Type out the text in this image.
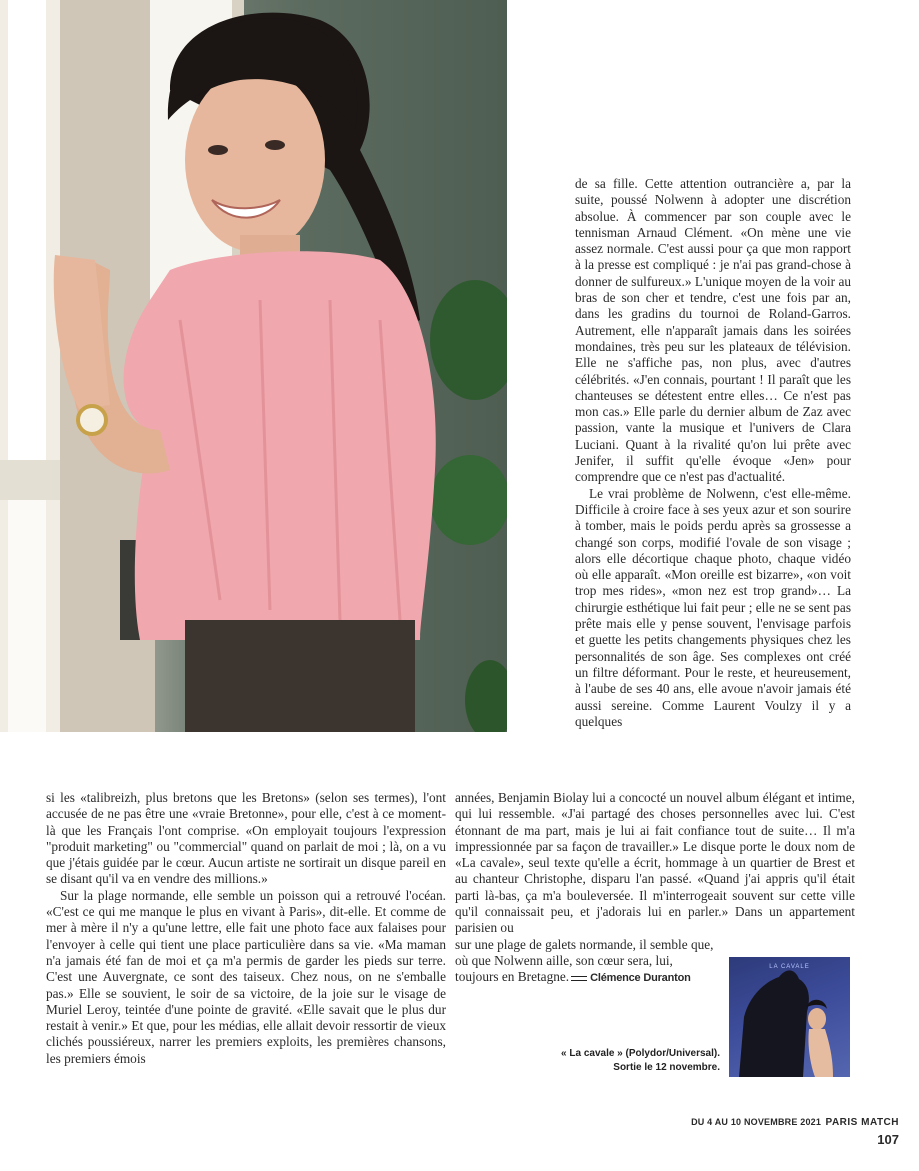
de sa fille. Cette attention outrancière a, par la suite, poussé Nolwenn à adopter une discrétion absolue. À commencer par son couple avec le tennisman Arnaud Clément. «On mène une vie assez normale. C'est aussi pour ça que mon rapport à la presse est compliqué : je n'ai pas grand-chose à donner de sulfureux.» L'unique moyen de la voir au bras de son cher et tendre, c'est une fois par an, dans les gradins du tournoi de Roland-Garros. Autrement, elle n'apparaît jamais dans les soirées mondaines, très peu sur les plateaux de télévision. Elle ne s'affiche pas, non plus, avec d'autres célébrités. «J'en connais, pourtant ! Il paraît que les chanteuses se détestent entre elles… Ce n'est pas mon cas.» Elle parle du dernier album de Zaz avec passion, vante la musique et l'univers de Clara Luciani. Quant à la rivalité qu'on lui prête avec Jenifer, il suffit qu'elle évoque «Jen» pour comprendre que ce n'est pas d'actualité.

Le vrai problème de Nolwenn, c'est elle-même. Difficile à croire face à ses yeux azur et son sourire à tomber, mais le poids perdu après sa grossesse a changé son corps, modifié l'ovale de son visage ; alors elle décortique chaque photo, chaque vidéo où elle apparaît. «Mon oreille est bizarre», «on voit trop mes rides», «mon nez est trop grand»… La chirurgie esthétique lui fait peur ; elle ne se sent pas prête mais elle y pense souvent, l'envisage parfois et guette les petits changements physiques chez les personnalités de son âge. Ses complexes ont créé un filtre déformant. Pour le reste, et heureusement, à l'aube de ses 40 ans, elle avoue n'avoir jamais été aussi sereine. Comme Laurent Voulzy il y a quelques

si les «talibreizh, plus bretons que les Bretons» (selon ses termes), l'ont accusée de ne pas être une «vraie Bretonne», pour elle, c'est à ce moment-là que les Français l'ont comprise. «On employait toujours l'expression "produit marketing" ou "commercial" quand on parlait de moi ; là, on a vu que j'étais guidée par le cœur. Aucun artiste ne sortirait un disque pareil en se disant qu'il va en vendre des millions.»

Sur la plage normande, elle semble un poisson qui a retrouvé l'océan. «C'est ce qui me manque le plus en vivant à Paris», dit-elle. Et comme de mer à mère il n'y a qu'une lettre, elle fait une photo face aux falaises pour l'envoyer à celle qui tient une place particulière dans sa vie. «Ma maman n'a jamais été fan de moi et ça m'a permis de garder les pieds sur terre. C'est une Auvergnate, ce sont des taiseux. Chez nous, on ne s'emballe pas.» Elle se souvient, le soir de sa victoire, de la joie sur le visage de Muriel Leroy, teintée d'une pointe de gravité. «Elle savait que le plus dur restait à venir.» Et que, pour les médias, elle allait devoir ressortir de vieux clichés poussiéreux, narrer les premiers exploits, les premières chansons, les premiers émois

années, Benjamin Biolay lui a concocté un nouvel album élégant et intime, qui lui ressemble. «J'ai partagé des choses personnelles avec lui. C'est étonnant de ma part, mais je lui ai fait confiance tout de suite… Il m'a impressionnée par sa façon de travailler.» Le disque porte le doux nom de «La cavale», seul texte qu'elle a écrit, hommage à un quartier de Brest et au chanteur Christophe, disparu l'an passé. «Quand j'ai appris qu'il était parti là-bas, ça m'a bouleversée. Il m'interrogeait souvent sur cette ville qu'il connaissait peu, et j'adorais lui en parler.» Dans un appartement parisien ou

sur une plage de galets normande, il semble que, où que Nolwenn aille, son cœur sera, lui, toujours en Bretagne. Clémence Duranton
LA CAVALE
« La cavale » (Polydor/Universal).
Sortie le 12 novembre.
DU 4 AU 10 NOVEMBRE 2021 PARIS MATCH
107
